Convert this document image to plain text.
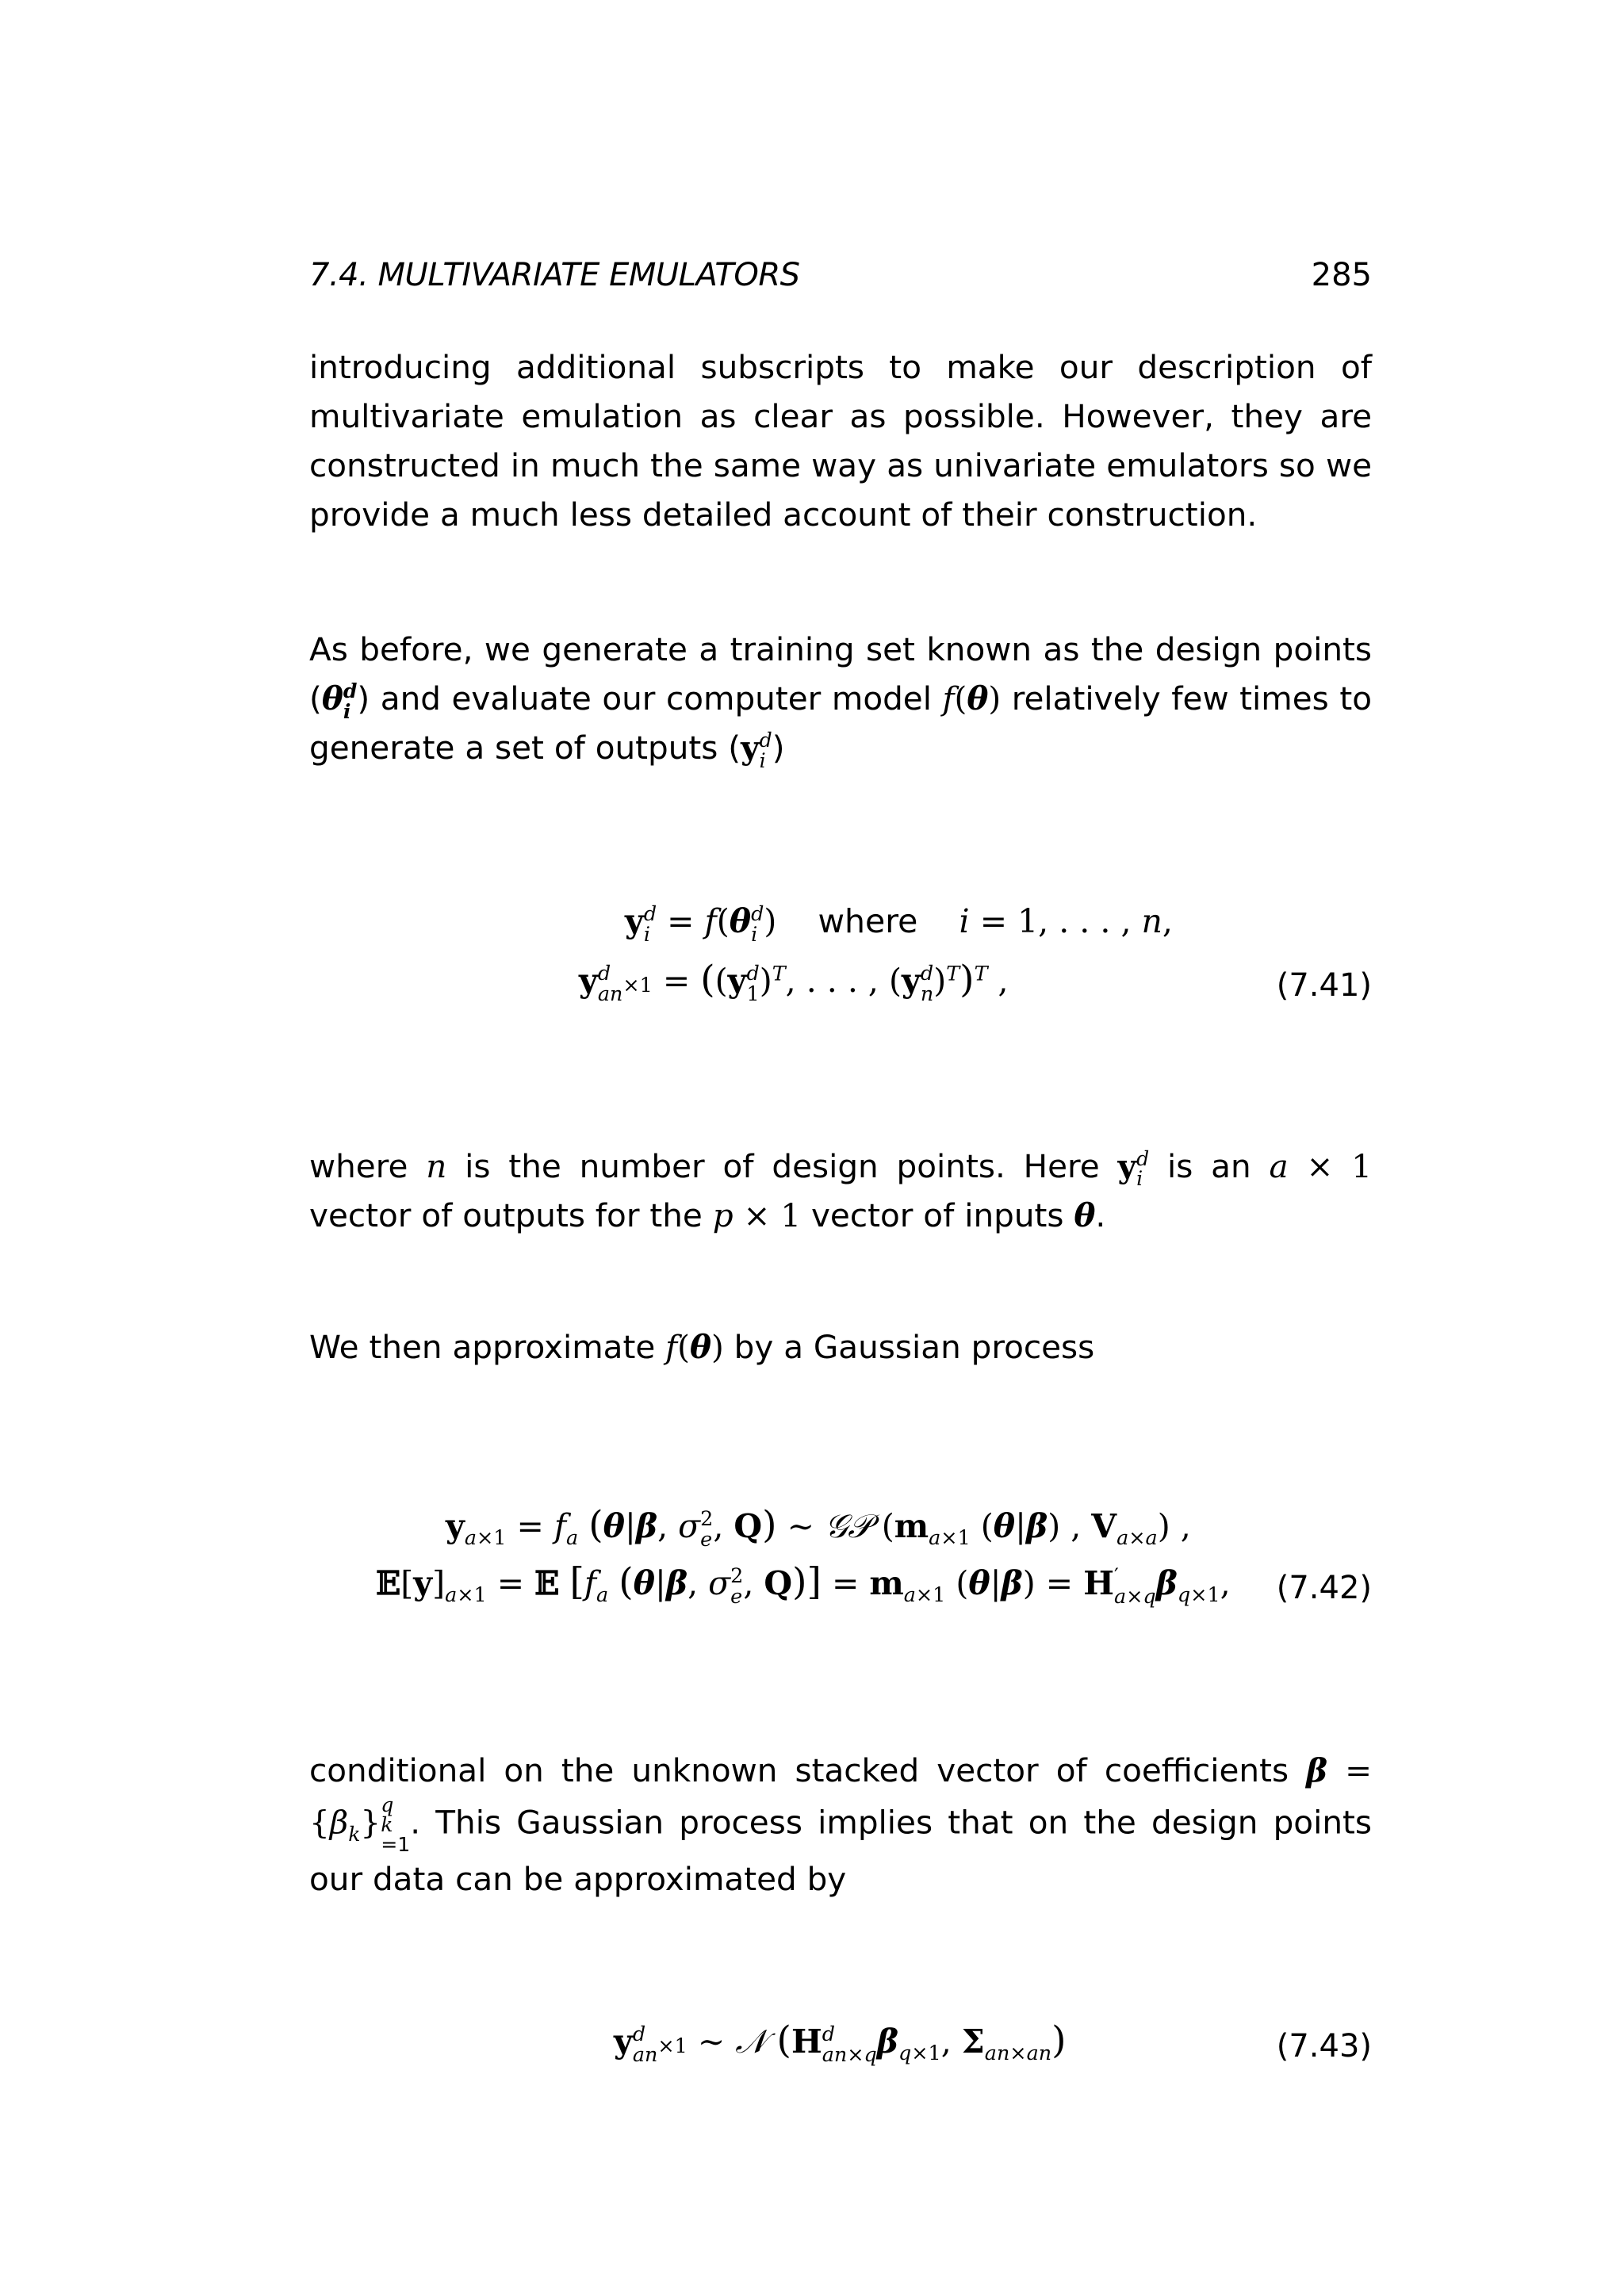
7.4. MULTIVARIATE EMULATORS	285
introducing additional subscripts to make our description of multivariate emulation as clear as possible. However, they are constructed in much the same way as univariate emulators so we provide a much less detailed account of their construction.
As before, we generate a training set known as the design points (θ d
i ) and evaluate our computer model f(θ) relatively few times to generate a set of outputs (y d
i )
y d
i = f(θ d
i )    where i = 1, . . . , n,
y d
an ×1 = ((y d
1 )$^T$, . . . , (y d
n )$^T$)$^T$ ,	(7.41)
where n is the number of design points. Here y d
i is an a × 1 vector of outputs for the p × 1 vector of inputs θ.
We then approximate f(θ) by a Gaussian process
$y_{a\times 1} = f_a$ (θ|β, σ 2
e , Q) ∼ 𝒢𝒫 ($m_{a\times 1}$ (θ|β) , $V_{a\times a}$) ,
$𝔼[y]_{a\times 1}$ = 𝔼 [$f_a$ (θ|β, σ 2
e , $Q)] = m_{a\times 1}$ (θ|β) = H ′
a×q $\beta_{q\times 1}$, (7.42)
conditional on the unknown stacked vector of coefficients $\beta = \{\beta_k\}$ q
k
=1
. This Gaussian process implies that on the design points our data can be approximated by
y d
an ×1 ∼ 𝒩 (H d
an×q $\beta_{q\times 1}$, $\Sigma_{an\times an}$)	(7.43)
